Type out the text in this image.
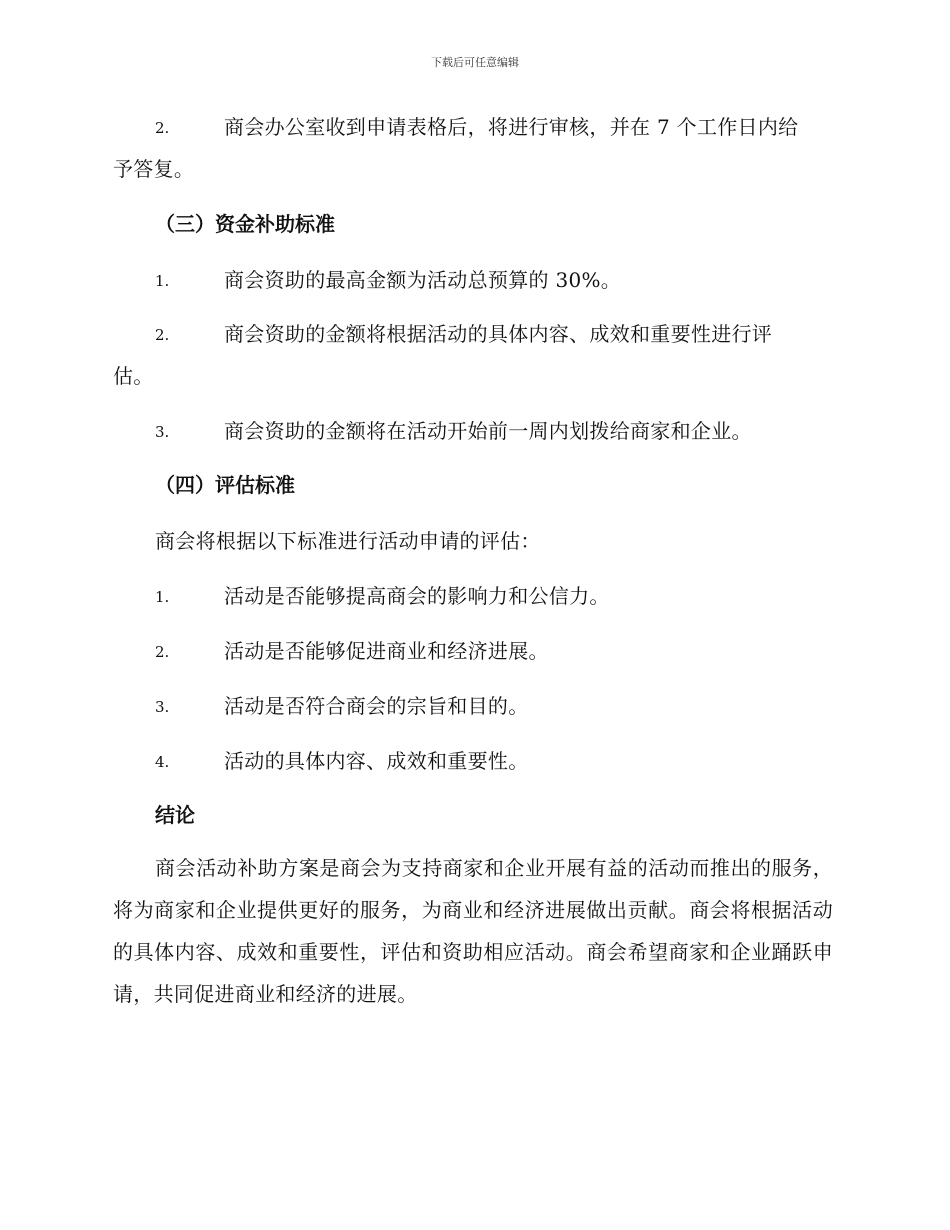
下载后可任意编辑
2.	商会办公室收到申请表格后，将进行审核，并在 7 个工作日内给
予答复。
（三）资金补助标准
1.	商会资助的最高金额为活动总预算的 30%。
2.	商会资助的金额将根据活动的具体内容、成效和重要性进行评
估。
3.	商会资助的金额将在活动开始前一周内划拨给商家和企业。
（四）评估标准
商会将根据以下标准进行活动申请的评估：
1.	活动是否能够提高商会的影响力和公信力。
2.	活动是否能够促进商业和经济进展。
3.	活动是否符合商会的宗旨和目的。
4.	活动的具体内容、成效和重要性。
结论

商会活动补助方案是商会为支持商家和企业开展有益的活动而推出的服务，将为商家和企业提供更好的服务，为商业和经济进展做出贡献。商会将根据活动的具体内容、成效和重要性，评估和资助相应活动。商会希望商家和企业踊跃申请，共同促进商业和经济的进展。
